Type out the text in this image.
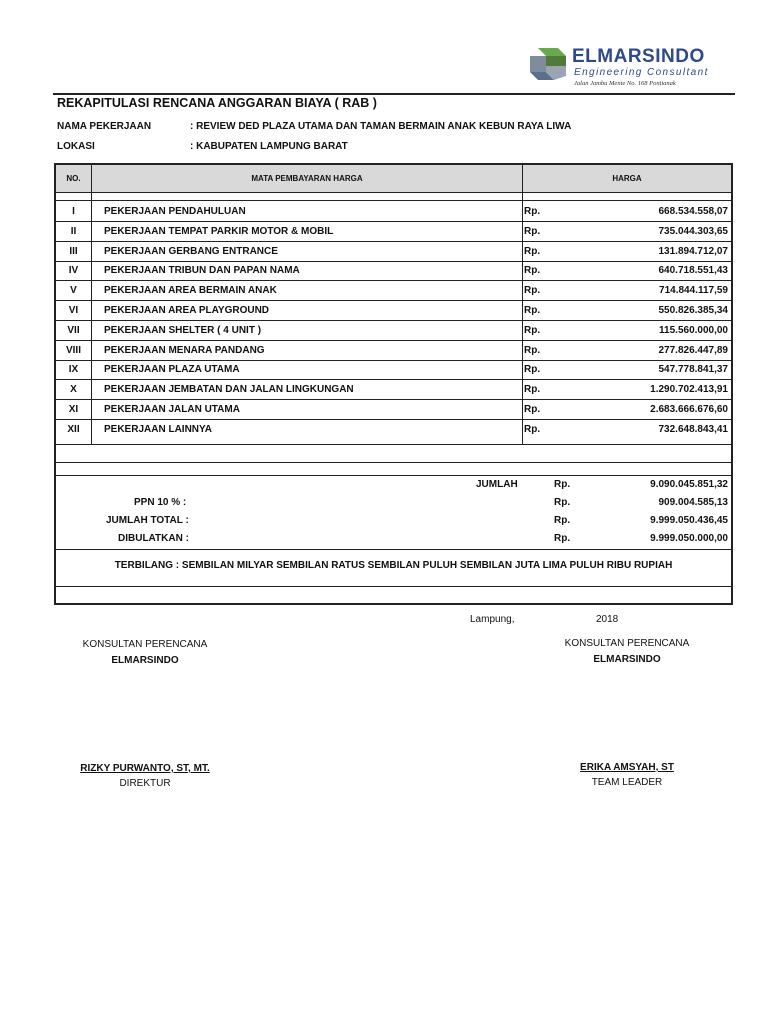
ELMARSINDO
Engineering Consultant
Jalan Jambu Mente No. 168 Pontianak
REKAPITULASI RENCANA ANGGARAN BIAYA ( RAB )
NAMA PEKERJAAN	: REVIEW DED PLAZA UTAMA DAN TAMAN BERMAIN ANAK KEBUN RAYA LIWA
LOKASI	: KABUPATEN LAMPUNG BARAT
NO.	MATA PEMBAYARAN HARGA	HARGA
I	PEKERJAAN PENDAHULUAN	Rp.	668.534.558,07
II	PEKERJAAN TEMPAT PARKIR MOTOR & MOBIL	Rp.	735.044.303,65
III	PEKERJAAN GERBANG ENTRANCE	Rp.	131.894.712,07
IV	PEKERJAAN TRIBUN DAN PAPAN NAMA	Rp.	640.718.551,43
V	PEKERJAAN AREA BERMAIN ANAK	Rp.	714.844.117,59
VI	PEKERJAAN AREA PLAYGROUND	Rp.	550.826.385,34
VII	PEKERJAAN SHELTER ( 4 UNIT )	Rp.	115.560.000,00
VIII	PEKERJAAN MENARA PANDANG	Rp.	277.826.447,89
IX	PEKERJAAN PLAZA UTAMA	Rp.	547.778.841,37
X	PEKERJAAN JEMBATAN DAN JALAN LINGKUNGAN	Rp.	1.290.702.413,91
XI	PEKERJAAN JALAN UTAMA	Rp.	2.683.666.676,60
XII	PEKERJAAN LAINNYA	Rp.	732.648.843,41
JUMLAH	Rp.	9.090.045.851,32
PPN 10 % :	Rp.	909.004.585,13
JUMLAH TOTAL :	Rp.	9.999.050.436,45
DIBULATKAN :	Rp.	9.999.050.000,00
TERBILANG : SEMBILAN MILYAR SEMBILAN RATUS SEMBILAN PULUH SEMBILAN JUTA LIMA PULUH RIBU RUPIAH
Lampung,	2018
KONSULTAN PERENCANA
ELMARSINDO
RIZKY PURWANTO, ST, MT.
DIREKTUR
KONSULTAN PERENCANA
ELMARSINDO
ERIKA AMSYAH, ST
TEAM LEADER
